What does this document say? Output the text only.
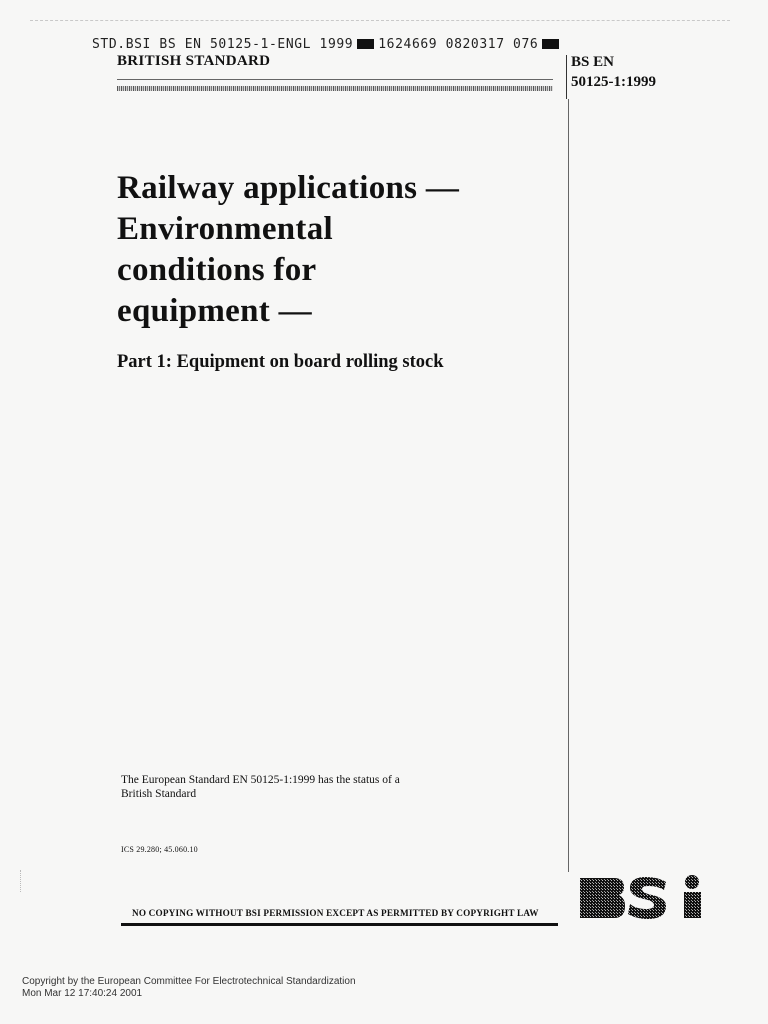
STD.BSI BS EN 50125-1-ENGL 1999 1624669 0820317 076
BRITISH STANDARD	BS EN
50125-1:1999
Railway applications —
Environmental
conditions for
equipment —
Part 1: Equipment on board rolling stock
The European Standard EN 50125-1:1999 has the status of a
British Standard
ICS 29.280; 45.060.10
NO COPYING WITHOUT BSI PERMISSION EXCEPT AS PERMITTED BY COPYRIGHT LAW
BSi
Copyright by the European Committee For Electrotechnical Standardization
Mon Mar 12 17:40:24 2001
